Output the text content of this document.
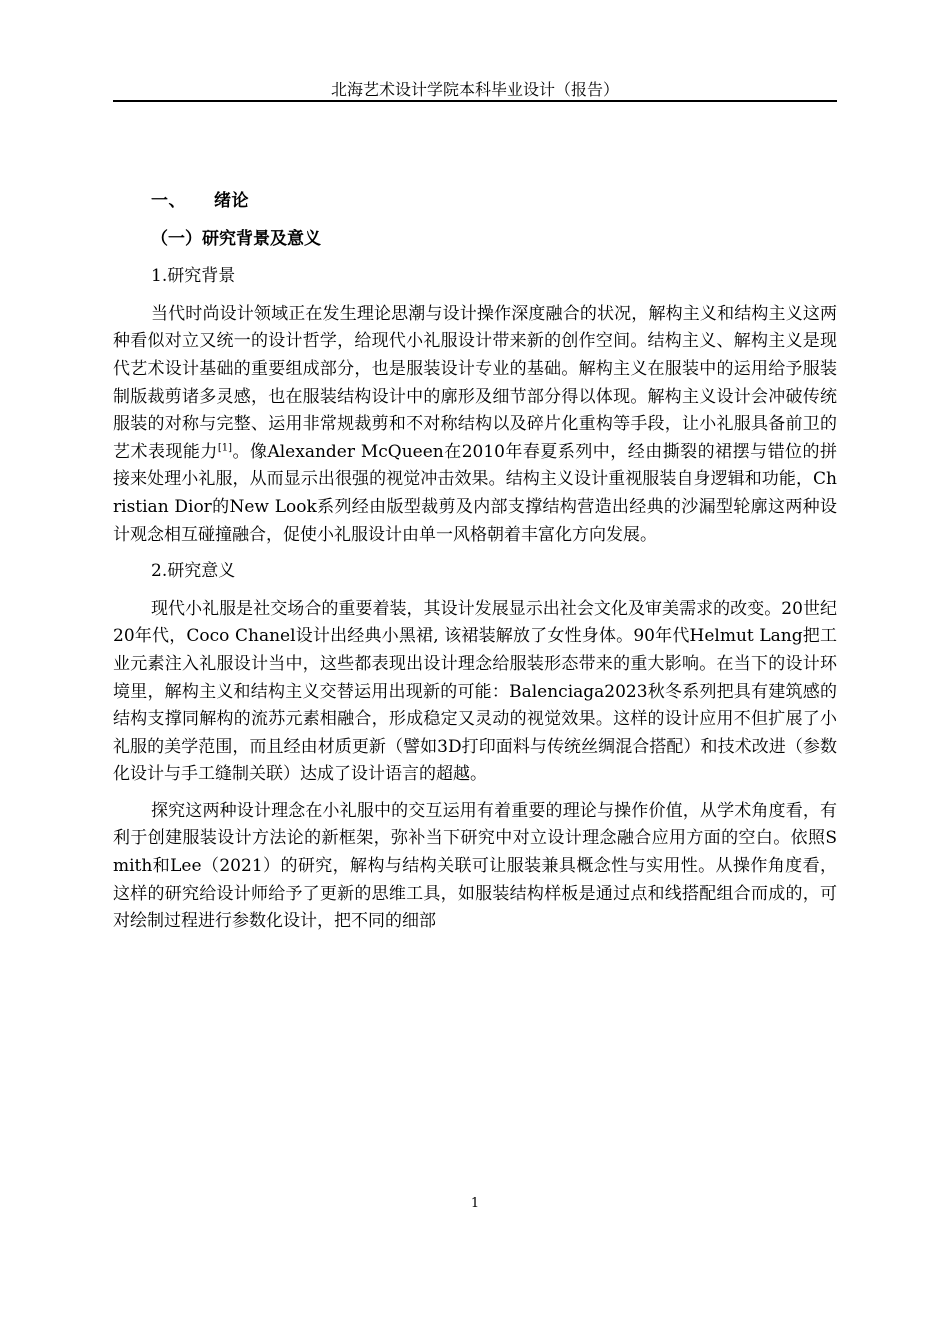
北海艺术设计学院本科毕业设计（报告）
一、 绪论
（一）研究背景及意义
1.研究背景

当代时尚设计领域正在发生理论思潮与设计操作深度融合的状况，解构主义和结构主义这两种看似对立又统一的设计哲学，给现代小礼服设计带来新的创作空间。结构主义、解构主义是现代艺术设计基础的重要组成部分，也是服装设计专业的基础。解构主义在服装中的运用给予服装制版裁剪诸多灵感，也在服装结构设计中的廓形及细节部分得以体现。解构主义设计会冲破传统服装的对称与完整、运用非常规裁剪和不对称结构以及碎片化重构等手段，让小礼服具备前卫的艺术表现能力[1]。像Alexander McQueen在2010年春夏系列中，经由撕裂的裙摆与错位的拼接来处理小礼服，从而显示出很强的视觉冲击效果。结构主义设计重视服装自身逻辑和功能，Christian Dior的New Look系列经由版型裁剪及内部支撑结构营造出经典的沙漏型轮廓这两种设计观念相互碰撞融合，促使小礼服设计由单一风格朝着丰富化方向发展。

2.研究意义

现代小礼服是社交场合的重要着装，其设计发展显示出社会文化及审美需求的改变。20世纪20年代，Coco Chanel设计出经典小黑裙, 该裙装解放了女性身体。90年代Helmut Lang把工业元素注入礼服设计当中，这些都表现出设计理念给服装形态带来的重大影响。在当下的设计环境里，解构主义和结构主义交替运用出现新的可能：Balenciaga2023秋冬系列把具有建筑感的结构支撑同解构的流苏元素相融合，形成稳定又灵动的视觉效果。这样的设计应用不但扩展了小礼服的美学范围，而且经由材质更新（譬如3D打印面料与传统丝绸混合搭配）和技术改进（参数化设计与手工缝制关联）达成了设计语言的超越。

探究这两种设计理念在小礼服中的交互运用有着重要的理论与操作价值，从学术角度看，有利于创建服装设计方法论的新框架，弥补当下研究中对立设计理念融合应用方面的空白。依照Smith和Lee（2021）的研究，解构与结构关联可让服装兼具概念性与实用性。从操作角度看，这样的研究给设计师给予了更新的思维工具，如服装结构样板是通过点和线搭配组合而成的，可对绘制过程进行参数化设计，把不同的细部

1
